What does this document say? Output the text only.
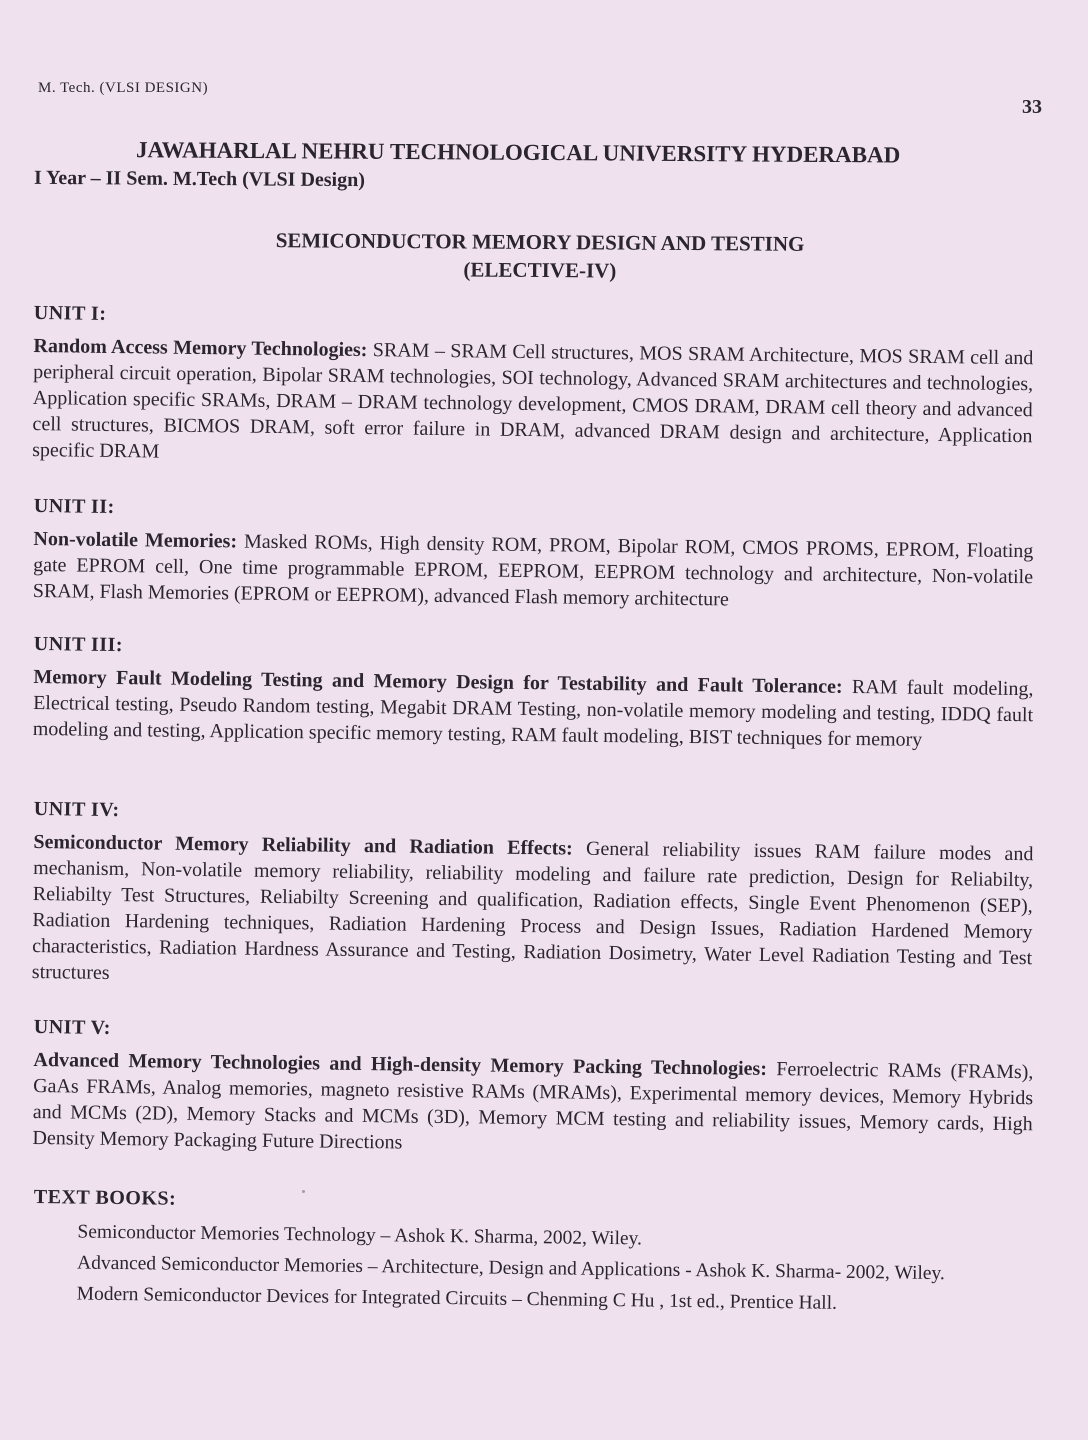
M. Tech. (VLSI DESIGN)
33
JAWAHARLAL NEHRU TECHNOLOGICAL UNIVERSITY HYDERABAD
I Year – II Sem. M.Tech (VLSI Design)
SEMICONDUCTOR MEMORY DESIGN AND TESTING
(ELECTIVE-IV)
UNIT I:

Random Access Memory Technologies: SRAM – SRAM Cell structures, MOS SRAM Architecture, MOS SRAM cell and peripheral circuit operation, Bipolar SRAM technologies, SOI technology, Advanced SRAM architectures and technologies, Application specific SRAMs, DRAM – DRAM technology development, CMOS DRAM, DRAM cell theory and advanced cell structures, BICMOS DRAM, soft error failure in DRAM, advanced DRAM design and architecture, Application specific DRAM

UNIT II:

Non-volatile Memories: Masked ROMs, High density ROM, PROM, Bipolar ROM, CMOS PROMS, EPROM, Floating gate EPROM cell, One time programmable EPROM, EEPROM, EEPROM technology and architecture, Non-volatile SRAM, Flash Memories (EPROM or EEPROM), advanced Flash memory architecture

UNIT III:

Memory Fault Modeling Testing and Memory Design for Testability and Fault Tolerance: RAM fault modeling, Electrical testing, Pseudo Random testing, Megabit DRAM Testing, non-volatile memory modeling and testing, IDDQ fault modeling and testing, Application specific memory testing, RAM fault modeling, BIST techniques for memory

UNIT IV:

Semiconductor Memory Reliability and Radiation Effects: General reliability issues RAM failure modes and mechanism, Non-volatile memory reliability, reliability modeling and failure rate prediction, Design for Reliabilty, Reliabilty Test Structures, Reliabilty Screening and qualification, Radiation effects, Single Event Phenomenon (SEP), Radiation Hardening techniques, Radiation Hardening Process and Design Issues, Radiation Hardened Memory characteristics, Radiation Hardness Assurance and Testing, Radiation Dosimetry, Water Level Radiation Testing and Test structures

UNIT V:

Advanced Memory Technologies and High-density Memory Packing Technologies: Ferroelectric RAMs (FRAMs), GaAs FRAMs, Analog memories, magneto resistive RAMs (MRAMs), Experimental memory devices, Memory Hybrids and MCMs (2D), Memory Stacks and MCMs (3D), Memory MCM testing and reliability issues, Memory cards, High Density Memory Packaging Future Directions

TEXT BOOKS:
Semiconductor Memories Technology – Ashok K. Sharma, 2002, Wiley.
Advanced Semiconductor Memories – Architecture, Design and Applications - Ashok K. Sharma- 2002, Wiley.
Modern Semiconductor Devices for Integrated Circuits – Chenming C Hu , 1st ed., Prentice Hall.
